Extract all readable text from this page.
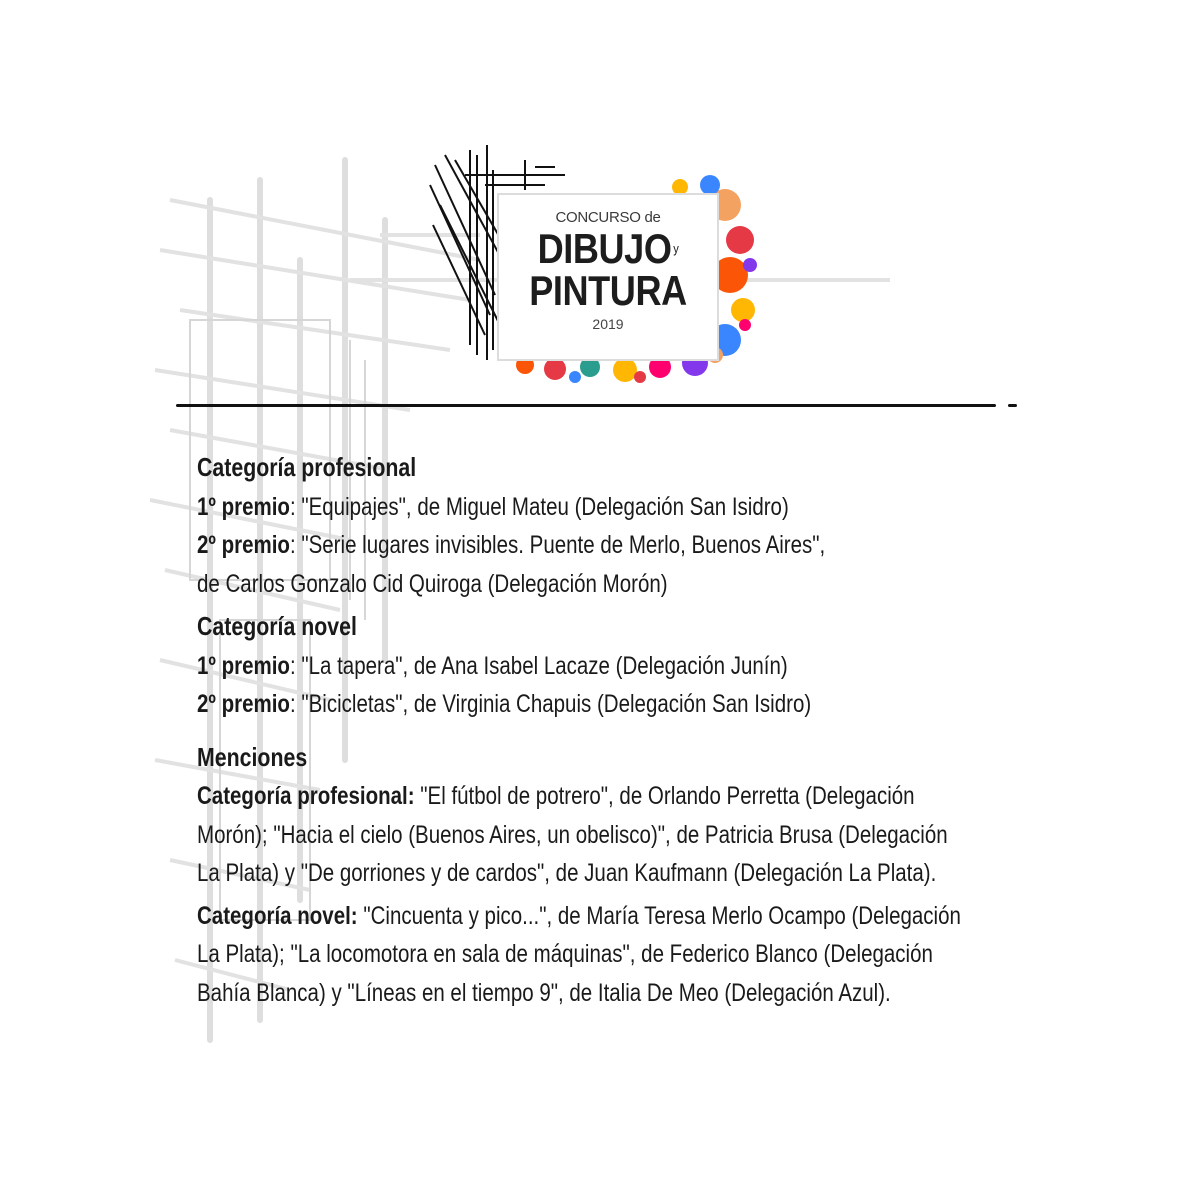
CONCURSO de
DIBUJO y
PINTURA
2019

Categoría profesional

1º premio: "Equipajes", de Miguel Mateu (Delegación San Isidro)

2º premio: "Serie lugares invisibles. Puente de Merlo, Buenos Aires",

de Carlos Gonzalo Cid Quiroga (Delegación Morón)

Categoría novel

1º premio: "La tapera", de Ana Isabel Lacaze (Delegación Junín)

2º premio: "Bicicletas", de Virginia Chapuis (Delegación San Isidro)

Menciones

Categoría profesional: "El fútbol de potrero", de Orlando Perretta (Delegación

Morón); "Hacia el cielo (Buenos Aires, un obelisco)", de Patricia Brusa (Delegación

La Plata) y "De gorriones y de cardos", de Juan Kaufmann (Delegación La Plata).

Categoría novel: "Cincuenta y pico...", de María Teresa Merlo Ocampo (Delegación

La Plata); "La locomotora en sala de máquinas", de Federico Blanco (Delegación

Bahía Blanca) y "Líneas en el tiempo 9", de Italia De Meo (Delegación Azul).
